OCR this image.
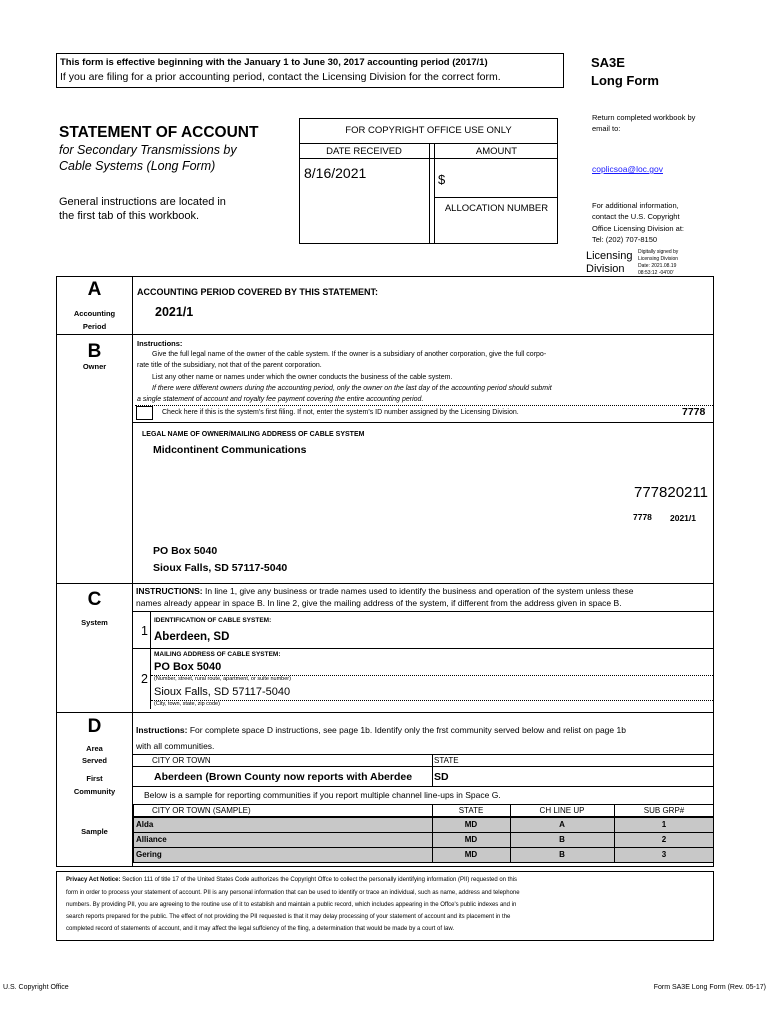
This form is effective beginning with the January 1 to June 30, 2017 accounting period (2017/1)
If you are filing for a prior accounting period, contact the Licensing Division for the correct form.
SA3E
Long Form
STATEMENT OF ACCOUNT
for Secondary Transmissions by
Cable Systems (Long Form)
General instructions are located in
the first tab of this workbook.
FOR COPYRIGHT OFFICE USE ONLY
DATE RECEIVED	AMOUNT
8/16/2021	$
ALLOCATION NUMBER
Return completed workbook by
email to:
coplicsoa@loc.gov
For additional information,
contact the U.S. Copyright
Office Licensing Division at:
Tel: (202) 707-8150
Licensing
Division
Digitally signed by
Licensing Division
Date: 2021.08.19
08:53:12 -04'00'
A
Accounting
Period
ACCOUNTING PERIOD COVERED BY THIS STATEMENT:
2021/1
B
Owner
Instructions:
Give the full legal name of the owner of the cable system. If the owner is a subsidiary of another corporation, give the full corpo-
rate title of the subsidiary, not that of the parent corporation.
List any other name or names under which the owner conducts the business of the cable system.
If there were different owners during the accounting period, only the owner on the last day of the accounting period should submit
a single statement of account and royalty fee payment covering the entire accounting period.
Check here if this is the system's first filing. If not, enter the system's ID number assigned by the Licensing Division.	7778
LEGAL NAME OF OWNER/MAILING ADDRESS OF CABLE SYSTEM
Midcontinent Communications
777820211
7778 2021/1
PO Box 5040
Sioux Falls, SD 57117-5040
C
System
INSTRUCTIONS: In line 1, give any business or trade names used to identify the business and operation of the system unless these
names already appear in space B. In line 2, give the mailing address of the system, if different from the address given in space B.
1
IDENTIFICATION OF CABLE SYSTEM:
Aberdeen, SD
2
MAILING ADDRESS OF CABLE SYSTEM:
PO Box 5040
(Number, street, rural route, apartment, or suite number)
Sioux Falls, SD 57117-5040
(City, town, state, zip code)
D
Area
Served
First
Community
Sample
Instructions: For complete space D instructions, see page 1b. Identify only the frst community served below and relist on page 1b
with all communities.
CITY OR TOWN	STATE
Aberdeen (Brown County now reports with Aberdee SD
Below is a sample for reporting communities if you report multiple channel line-ups in Space G.
CITY OR TOWN (SAMPLE)	STATE	CH LINE UP	SUB GRP#
Alda	MD	A	1
Alliance	MD	B	2
Gering	MD	B	3
Privacy Act Notice: Section 111 of title 17 of the United States Code authorizes the Copyright Offce to collect the personally identifying information (PII) requested on this
form in order to process your statement of account. PII is any personal information that can be used to identify or trace an individual, such as name, address and telephone
numbers. By providing PII, you are agreeing to the routine use of it to establish and maintain a public record, which includes appearing in the Offce's public indexes and in
search reports prepared for the public. The effect of not providing the PII requested is that it may delay processing of your statement of account and its placement in the
completed record of statements of account, and it may affect the legal suffciency of the fling, a determination that would be made by a court of law.
U.S. Copyright Office	Form SA3E Long Form (Rev. 05-17)
